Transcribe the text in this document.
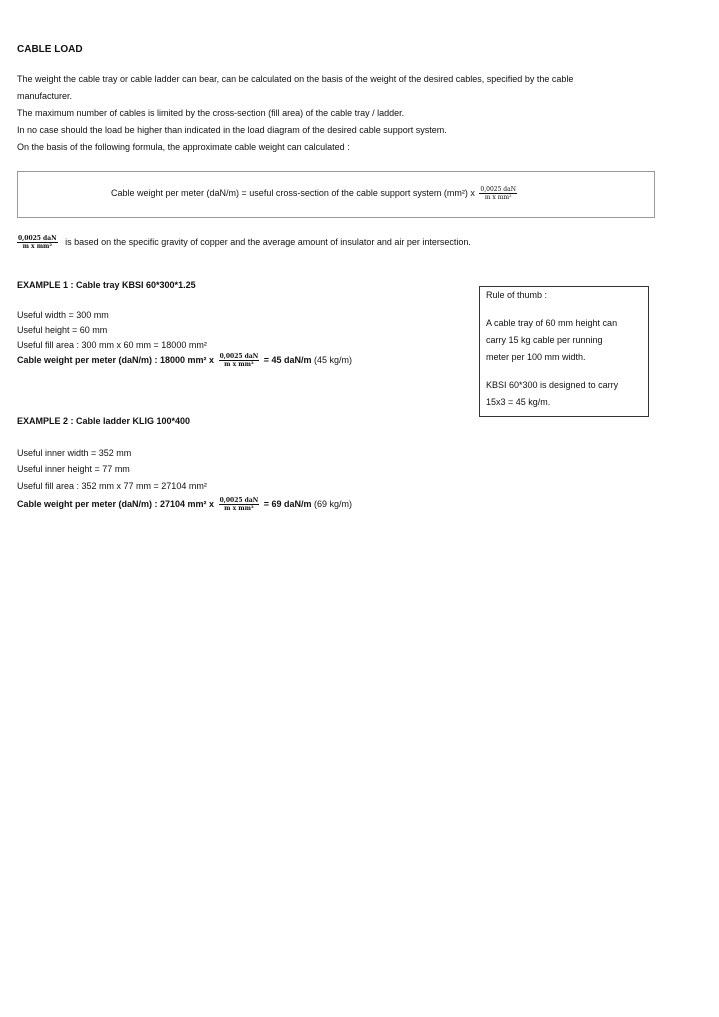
CABLE LOAD
The weight the cable tray or cable ladder can bear, can be calculated on the basis of the weight of the desired cables, specified by the cable
manufacturer.
The maximum number of cables is limited by the cross-section (fill area) of the cable tray / ladder.
In no case should the load be higher than indicated in the load diagram of the desired cable support system.
On the basis of the following formula, the approximate cable weight can calculated :
Cable weight per meter (daN/m) = useful cross-section of the cable support system (mm²) x $\frac{\text{0,0025 daN}}{\text{m x mm²}}$
$\frac{\text{0,0025 daN}}{\text{m x mm²}}$ is based on the specific gravity of copper and the average amount of insulator and air per intersection.
EXAMPLE 1 : Cable tray KBSI 60*300*1.25
Useful width = 300 mm
Useful height = 60 mm
Useful fill area : 300 mm x 60 mm = 18000 mm²
Cable weight per meter (daN/m) : 18000 mm² x $\frac{\text{0,0025 daN}}{\text{m x mm²}} = 45$ daN/m (45 kg/m)
Rule of thumb :
A cable tray of 60 mm height can
carry 15 kg cable per running
meter per 100 mm width.
KBSI 60*300 is designed to carry
15x3 = 45 kg/m.
EXAMPLE 2 : Cable ladder KLIG 100*400
Useful inner width = 352 mm
Useful inner height = 77 mm
Useful fill area : 352 mm x 77 mm = 27104 mm²
Cable weight per meter (daN/m) : 27104 mm² x $\frac{\text{0,0025 daN}}{\text{m x mm²}} = 69$ daN/m (69 kg/m)
